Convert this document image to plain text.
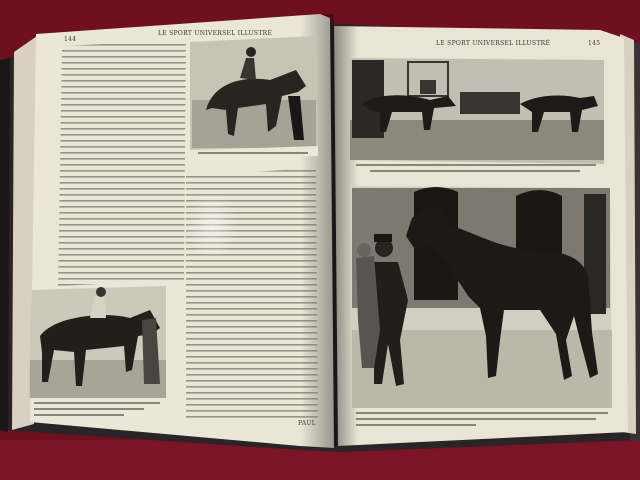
144
LE SPORT UNIVERSEL ILLUSTRÉ
145
LE SPORT UNIVERSEL ILLUSTRÉ
PAUL
